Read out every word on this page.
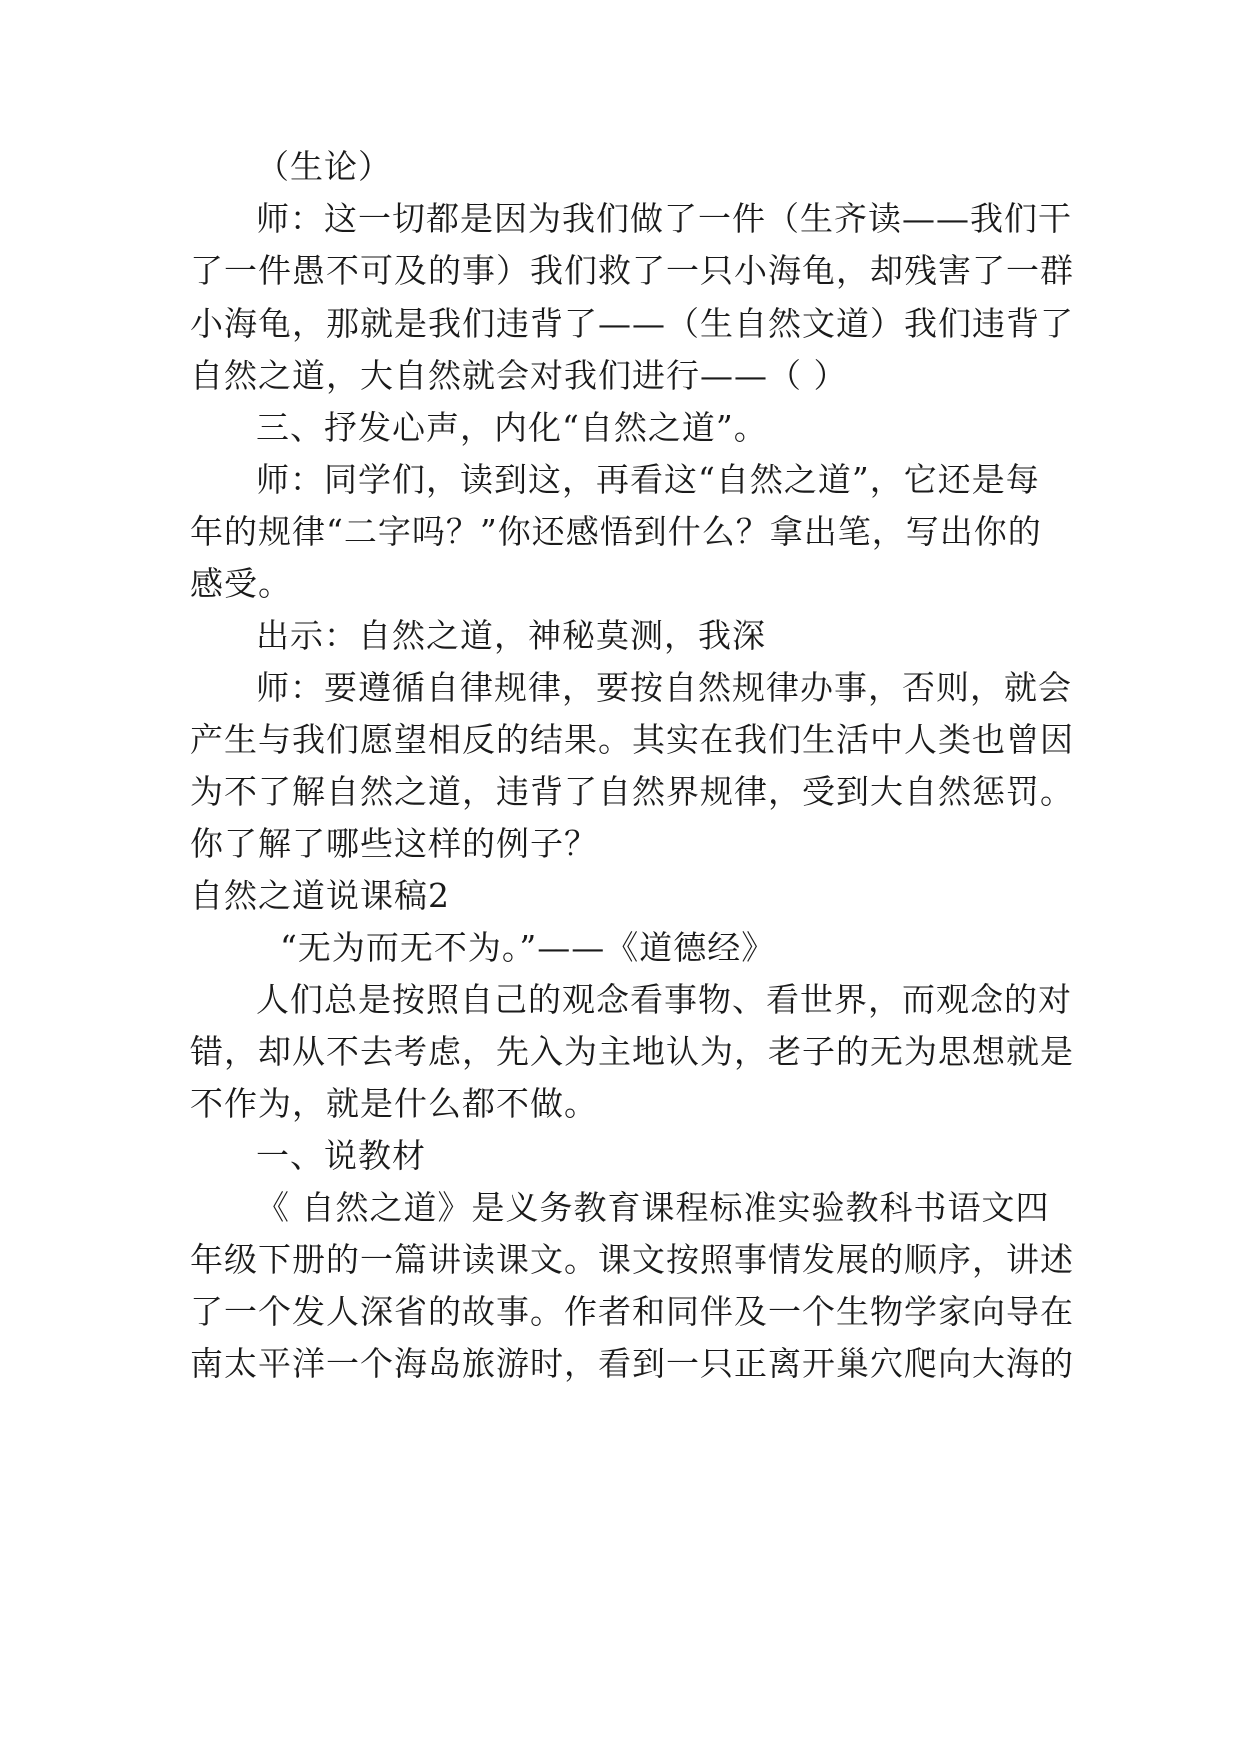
（生论）
师：这一切都是因为我们做了一件（生齐读——我们干
了一件愚不可及的事）我们救了一只小海龟，却残害了一群
小海龟，那就是我们违背了——（生自然文道）我们违背了
自然之道，大自然就会对我们进行——（ ）
三、抒发心声，内化“自然之道”。
师：同学们，读到这，再看这“自然之道”，它还是每
年的规律“二字吗？”你还感悟到什么？拿出笔，写出你的
感受。
出示：自然之道，神秘莫测，我深
师：要遵循自律规律，要按自然规律办事，否则，就会
产生与我们愿望相反的结果。其实在我们生活中人类也曾因
为不了解自然之道，违背了自然界规律，受到大自然惩罚。
你了解了哪些这样的例子？
自然之道说课稿2
“无为而无不为。”——《道德经》
人们总是按照自己的观念看事物、看世界，而观念的对
错，却从不去考虑，先入为主地认为，老子的无为思想就是
不作为，就是什么都不做。
一、说教材
《 自然之道》是义务教育课程标准实验教科书语文四
年级下册的一篇讲读课文。课文按照事情发展的顺序，讲述
了一个发人深省的故事。作者和同伴及一个生物学家向导在
南太平洋一个海岛旅游时，看到一只正离开巢穴爬向大海的
